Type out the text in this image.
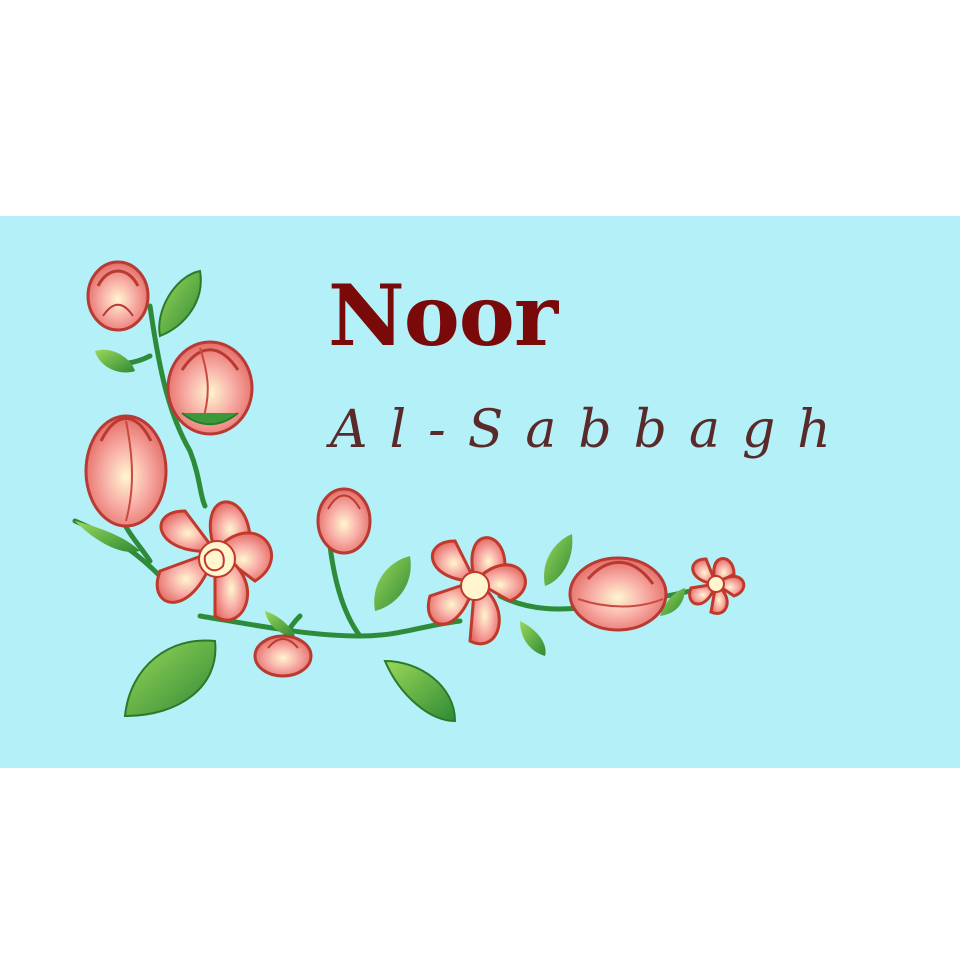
Noor
Al-Sabbagh
